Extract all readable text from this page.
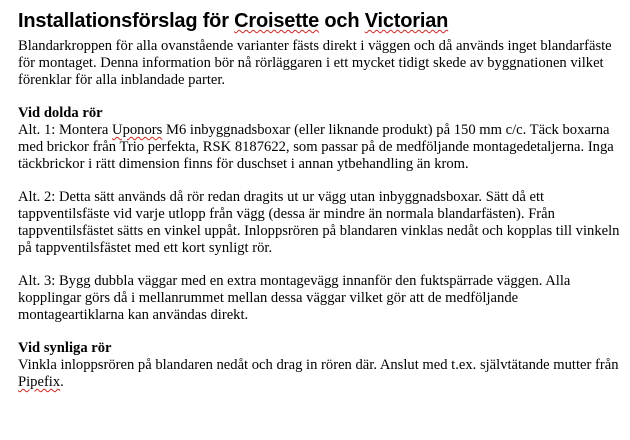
Installationsförslag för Croisette och Victorian

Blandarkroppen för alla ovanstående varianter fästs direkt i väggen och då används inget blandarfäste för montaget. Denna information bör nå rörläggaren i ett mycket tidigt skede av byggnationen vilket förenklar för alla inblandade parter.

Vid dolda rör

Alt. 1: Montera Uponors M6 inbyggnadsboxar (eller liknande produkt) på 150 mm c/c. Täck boxarna med brickor från Trio perfekta, RSK 8187622, som passar på de medföljande montagedetaljerna. Inga täckbrickor i rätt dimension finns för duschset i annan ytbehandling än krom.

Alt. 2: Detta sätt används då rör redan dragits ut ur vägg utan inbyggnadsboxar. Sätt då ett tappventilsfäste vid varje utlopp från vägg (dessa är mindre än normala blandarfästen). Från tappventilsfästet sätts en vinkel uppåt. Inloppsrören på blandaren vinklas nedåt och kopplas till vinkeln på tappventilsfästet med ett kort synligt rör.

Alt. 3: Bygg dubbla väggar med en extra montagevägg innanför den fuktspärrade väggen. Alla kopplingar görs då i mellanrummet mellan dessa väggar vilket gör att de medföljande montageartiklarna kan användas direkt.

Vid synliga rör

Vinkla inloppsrören på blandaren nedåt och drag in rören där. Anslut med t.ex. självtätande mutter från Pipefix.
